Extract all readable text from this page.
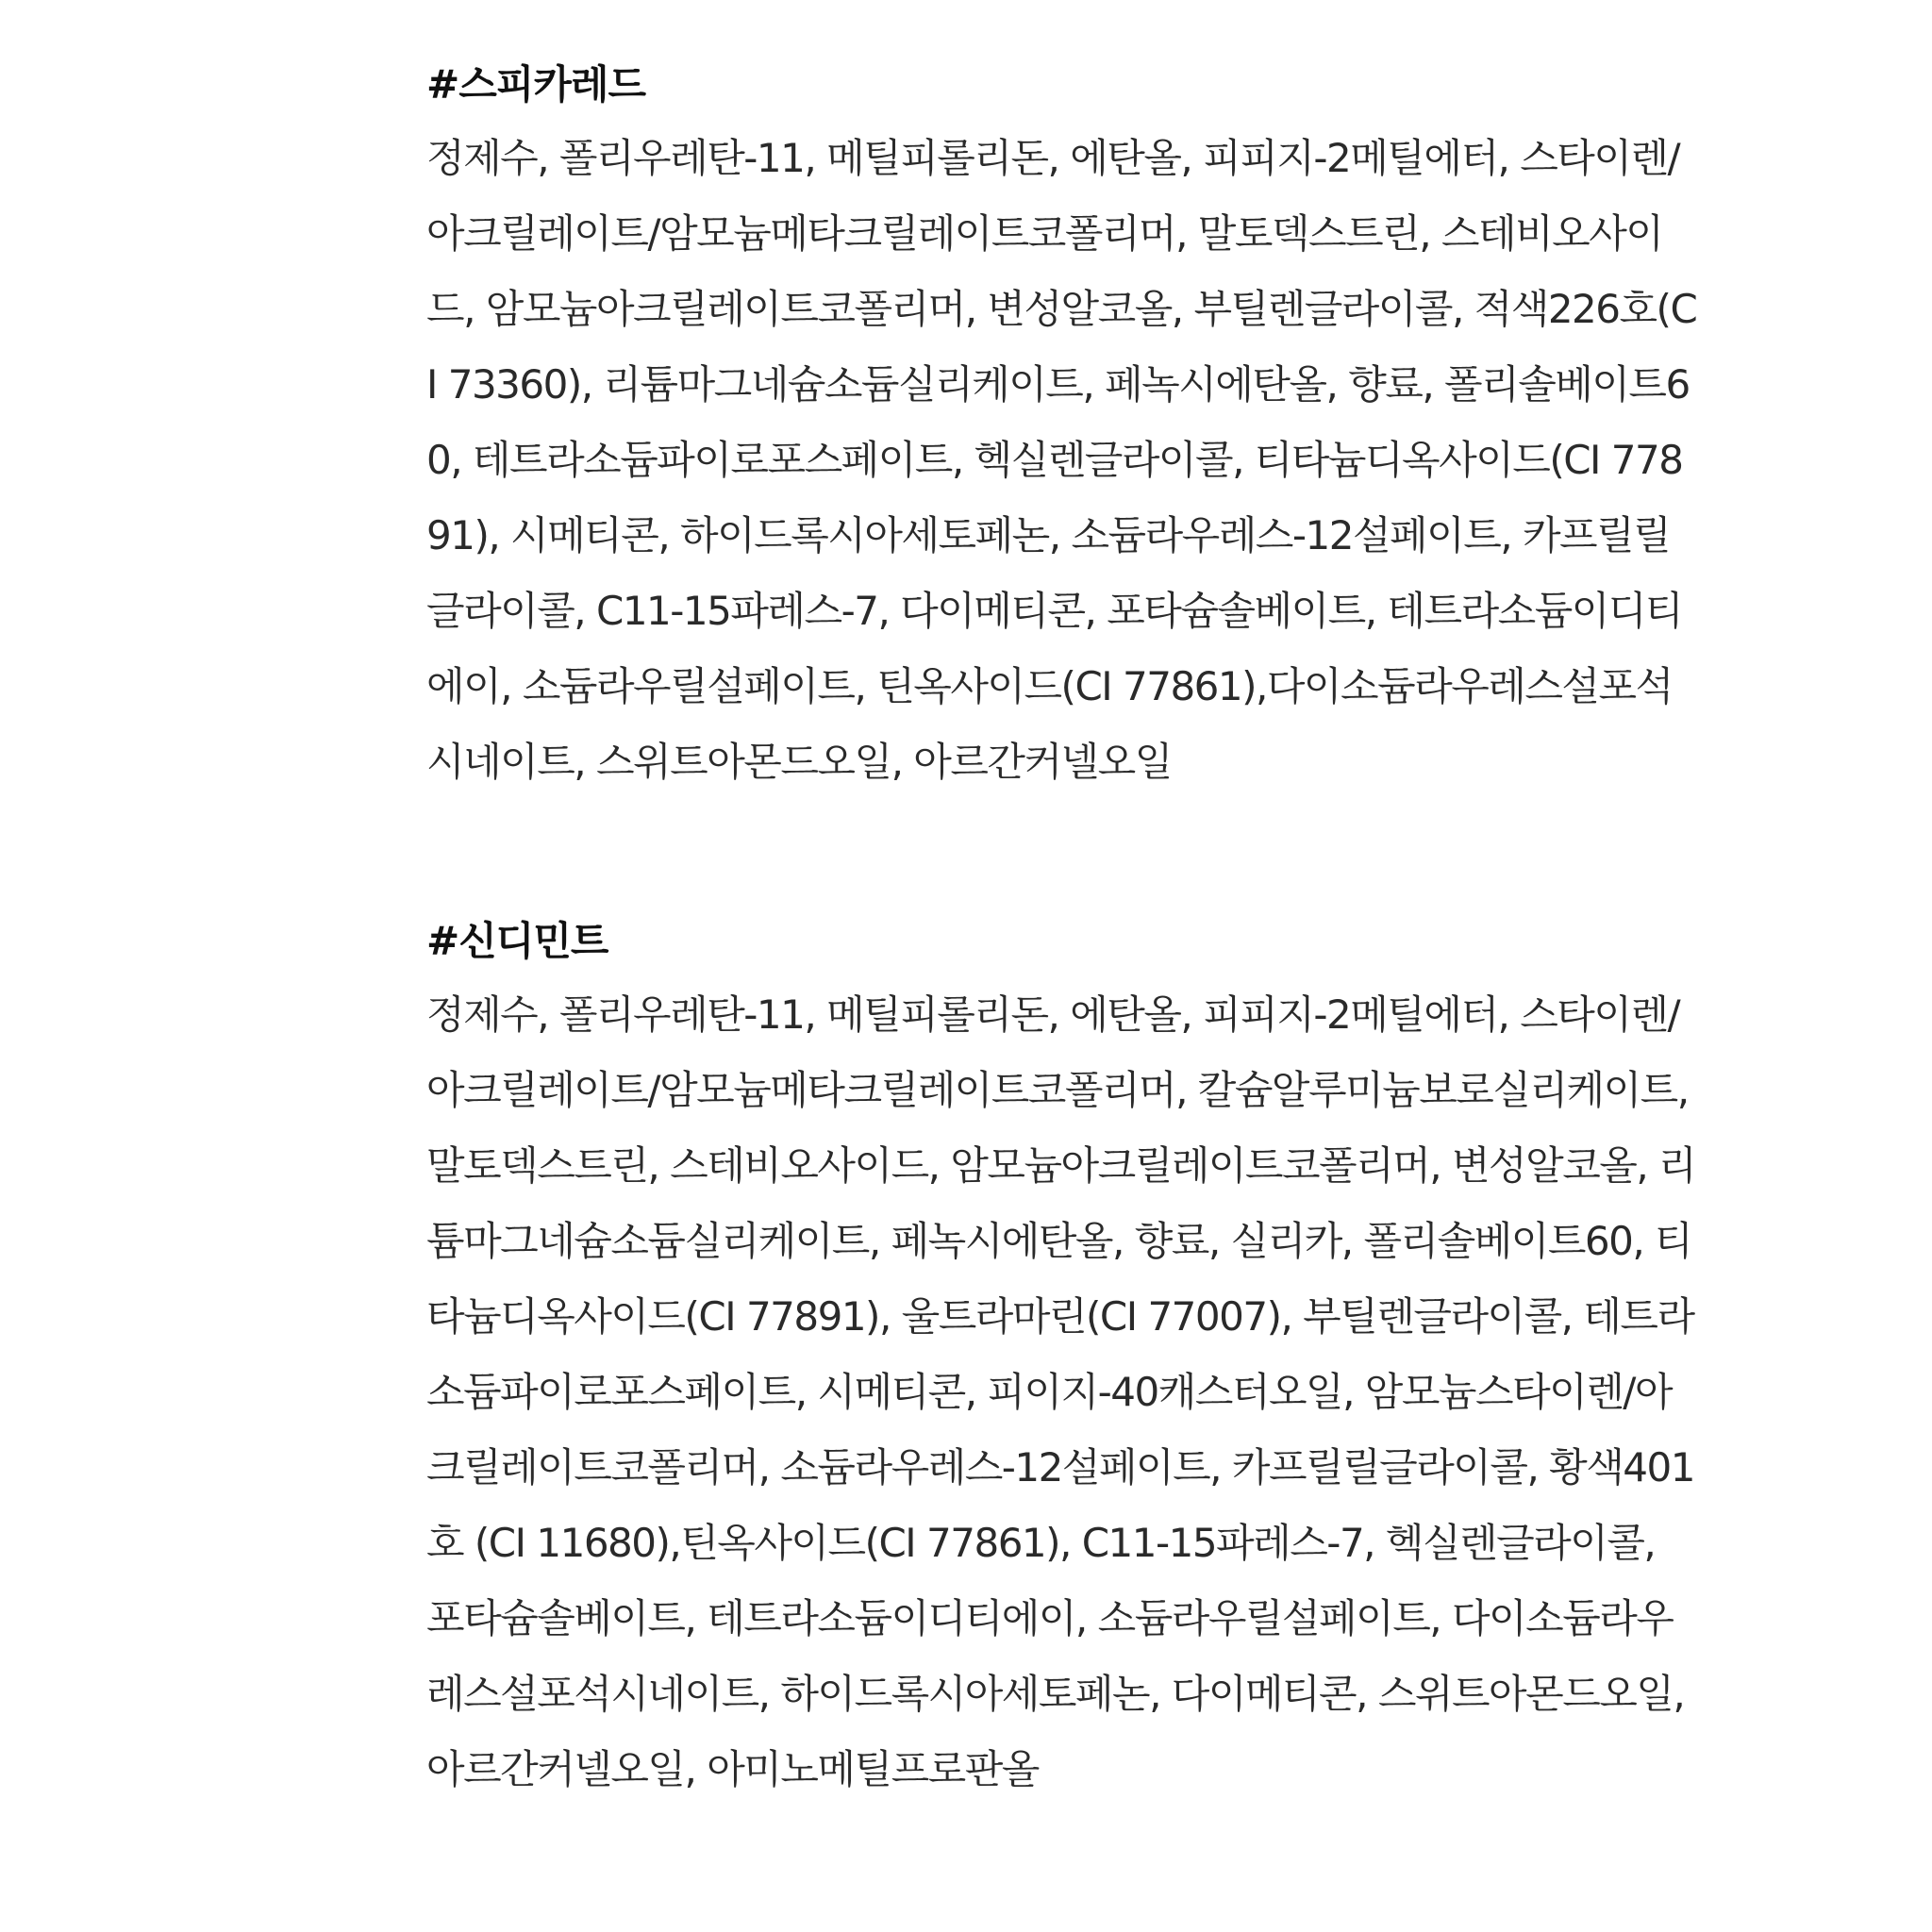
#스피카레드

정제수, 폴리우레탄-11, 메틸피롤리돈, 에탄올, 피피지-2메틸에터, 스타이렌/아크릴레이트/암모늄메타크릴레이트코폴리머, 말토덱스트린, 스테비오사이드, 암모늄아크릴레이트코폴리머, 변성알코올, 부틸렌글라이콜, 적색226호(CI 73360), 리튬마그네슘소듐실리케이트, 페녹시에탄올, 향료, 폴리솔베이트60, 테트라소듐파이로포스페이트, 헥실렌글라이콜, 티타늄디옥사이드(CI 77891), 시메티콘, 하이드록시아세토페논, 소듐라우레스-12설페이트, 카프릴릴글라이콜, C11-15파레스-7, 다이메티콘, 포타슘솔베이트, 테트라소듐이디티에이, 소듐라우릴설페이트, 틴옥사이드(CI 77861),다이소듐라우레스설포석시네이트, 스위트아몬드오일, 아르간커넬오일

#신디민트

정제수, 폴리우레탄-11, 메틸피롤리돈, 에탄올, 피피지-2메틸에터, 스타이렌/아크릴레이트/암모늄메타크릴레이트코폴리머, 칼슘알루미늄보로실리케이트, 말토덱스트린, 스테비오사이드, 암모늄아크릴레이트코폴리머, 변성알코올, 리튬마그네슘소듐실리케이트, 페녹시에탄올, 향료, 실리카, 폴리솔베이트60, 티타늄디옥사이드(CI 77891), 울트라마린(CI 77007), 부틸렌글라이콜, 테트라소듐파이로포스페이트, 시메티콘, 피이지-40캐스터오일, 암모늄스타이렌/아크릴레이트코폴리머, 소듐라우레스-12설페이트, 카프릴릴글라이콜, 황색401호 (CI 11680),틴옥사이드(CI 77861), C11-15파레스-7, 헥실렌글라이콜, 포타슘솔베이트, 테트라소듐이디티에이, 소듐라우릴설페이트, 다이소듐라우레스설포석시네이트, 하이드록시아세토페논, 다이메티콘, 스위트아몬드오일, 아르간커넬오일, 아미노메틸프로판올
